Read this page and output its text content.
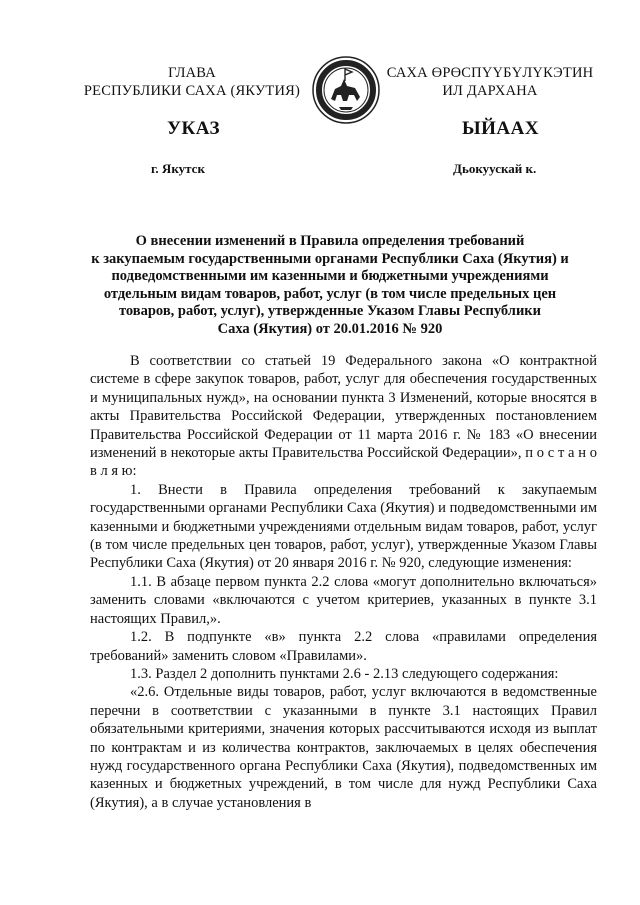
ГЛАВА
РЕСПУБЛИКИ САХА (ЯКУТИЯ)
САХА ӨРӨСПҮҮБҮЛҮКЭТИН
ИЛ ДАРХАНА
УКАЗ	ЫЙААХ
г. Якутск	Дьокуускай к.
О внесении изменений в Правила определения требований
к закупаемым государственными органами Республики Саха (Якутия) и
подведомственными им казенными и бюджетными учреждениями
отдельным видам товаров, работ, услуг (в том числе предельных цен
товаров, работ, услуг), утвержденные Указом Главы Республики
Саха (Якутия) от 20.01.2016 № 920

В соответствии со статьей 19 Федерального закона «О контрактной системе в сфере закупок товаров, работ, услуг для обеспечения государственных и муниципальных нужд», на основании пункта 3 Изменений, которые вносятся в акты Правительства Российской Федерации, утвержденных постановлением Правительства Российской Федерации от 11 марта 2016 г. № 183 «О внесении изменений в некоторые акты Правительства Российской Федерации», п о с т а н о в л я ю:

1. Внести в Правила определения требований к закупаемым государственными органами Республики Саха (Якутия) и подведомственными им казенными и бюджетными учреждениями отдельным видам товаров, работ, услуг (в том числе предельных цен товаров, работ, услуг), утвержденные Указом Главы Республики Саха (Якутия) от 20 января 2016 г. № 920, следующие изменения:

1.1. В абзаце первом пункта 2.2 слова «могут дополнительно включаться» заменить словами «включаются с учетом критериев, указанных в пункте 3.1 настоящих Правил,».

1.2. В подпункте «в» пункта 2.2 слова «правилами определения требований» заменить словом «Правилами».

1.3. Раздел 2 дополнить пунктами 2.6 - 2.13 следующего содержания:

«2.6. Отдельные виды товаров, работ, услуг включаются в ведомственные перечни в соответствии с указанными в пункте 3.1 настоящих Правил обязательными критериями, значения которых рассчитываются исходя из выплат по контрактам и из количества контрактов, заключаемых в целях обеспечения нужд государственного органа Республики Саха (Якутия), подведомственных им казенных и бюджетных учреждений, в том числе для нужд Республики Саха (Якутия), а в случае установления в
